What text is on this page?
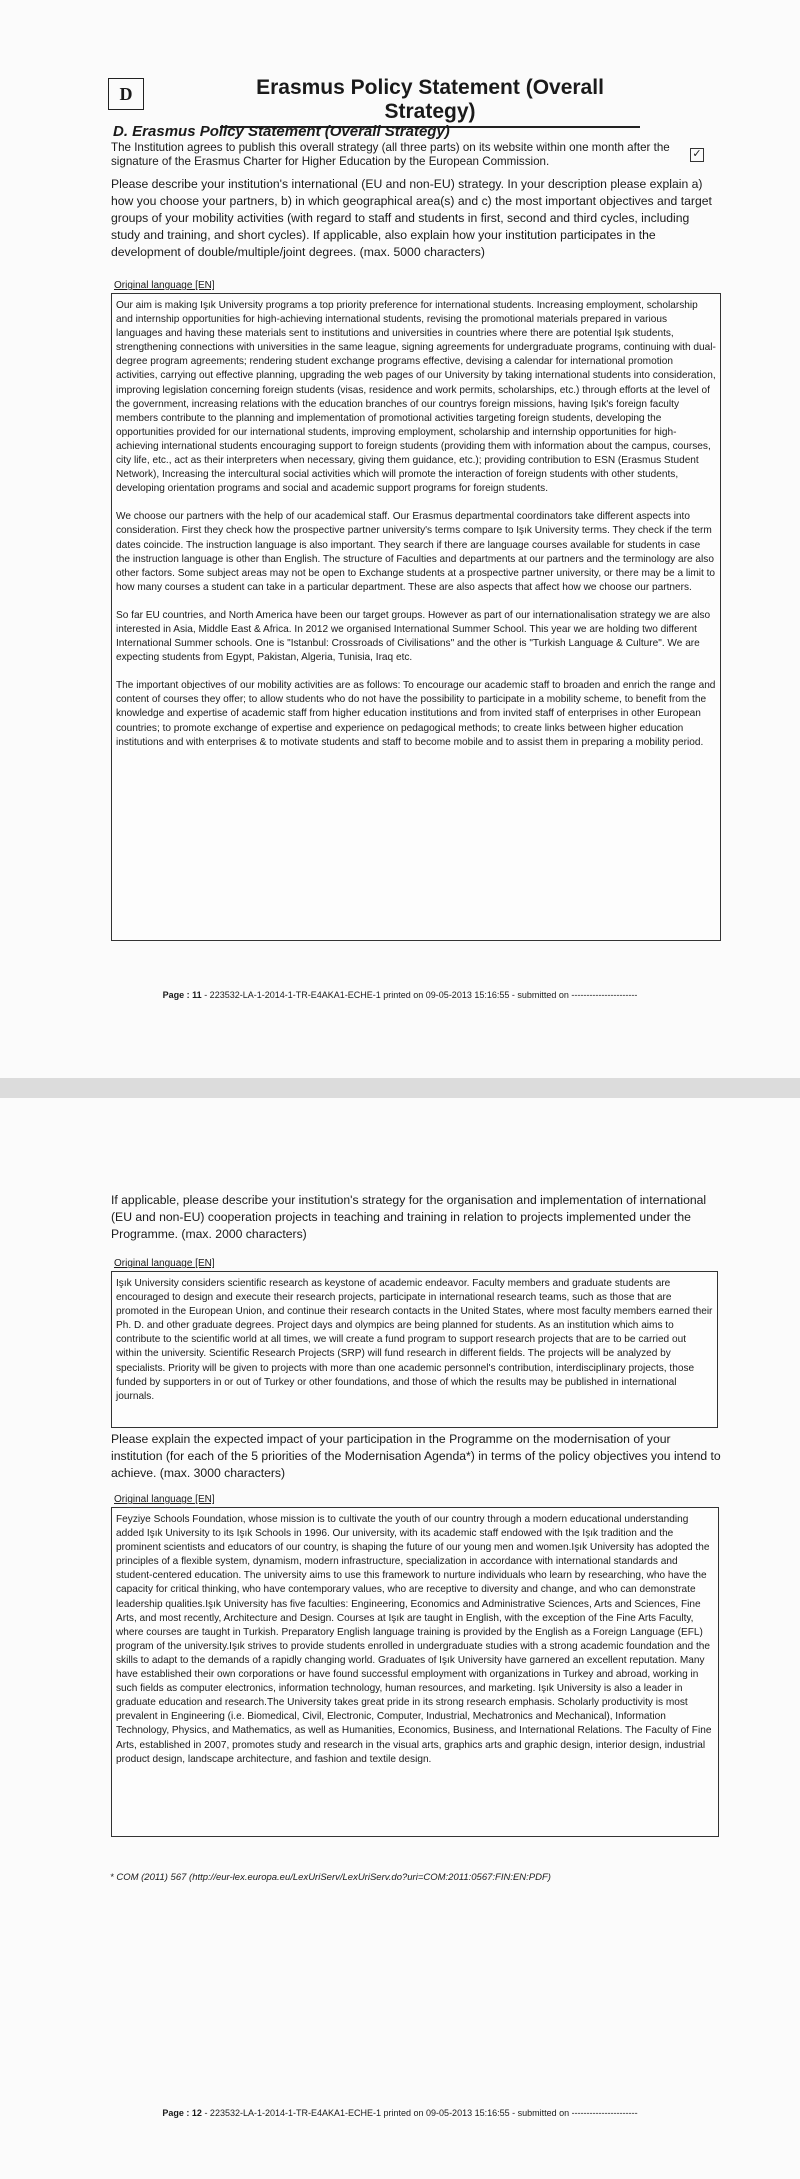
D	Erasmus Policy Statement (Overall Strategy)
D. Erasmus Policy Statement (Overall Strategy)
The Institution agrees to publish this overall strategy (all three parts) on its website within one month after the signature of the Erasmus Charter for Higher Education by the European Commission.
✓
Please describe your institution's international (EU and non-EU) strategy. In your description please explain a) how you choose your partners, b) in which geographical area(s) and c) the most important objectives and target groups of your mobility activities (with regard to staff and students in first, second and third cycles, including study and training, and short cycles). If applicable, also explain how your institution participates in the development of double/multiple/joint degrees. (max. 5000 characters)
Original language [EN]

Our aim is making Işık University programs a top priority preference for international students. Increasing employment, scholarship and internship opportunities for high-achieving international students, revising the promotional materials prepared in various languages and having these materials sent to institutions and universities in countries where there are potential Işık students, strengthening connections with universities in the same league, signing agreements for undergraduate programs, continuing with dual-degree program agreements; rendering student exchange programs effective, devising a calendar for international promotion activities, carrying out effective planning, upgrading the web pages of our University by taking international students into consideration, improving legislation concerning foreign students (visas, residence and work permits, scholarships, etc.) through efforts at the level of the government, increasing relations with the education branches of our countrys foreign missions, having Işık's foreign faculty members contribute to the planning and implementation of promotional activities targeting foreign students, developing the opportunities provided for our international students, improving employment, scholarship and internship opportunities for high-achieving international students encouraging support to foreign students (providing them with information about the campus, courses, city life, etc., act as their interpreters when necessary, giving them guidance, etc.); providing contribution to ESN (Erasmus Student Network), Increasing the intercultural social activities which will promote the interaction of foreign students with other students, developing orientation programs and social and academic support programs for foreign students.

We choose our partners with the help of our academical staff. Our Erasmus departmental coordinators take different aspects into consideration. First they check how the prospective partner university's terms compare to Işık University terms. They check if the term dates coincide. The instruction language is also important. They search if there are language courses available for students in case the instruction language is other than English. The structure of Faculties and departments at our partners and the terminology are also other factors. Some subject areas may not be open to Exchange students at a prospective partner university, or there may be a limit to how many courses a student can take in a particular department. These are also aspects that affect how we choose our partners.

So far EU countries, and North America have been our target groups. However as part of our internationalisation strategy we are also interested in Asia, Middle East & Africa. In 2012 we organised International Summer School. This year we are holding two different International Summer schools. One is "Istanbul: Crossroads of Civilisations" and the other is "Turkish Language & Culture". We are expecting students from Egypt, Pakistan, Algeria, Tunisia, Iraq etc.

The important objectives of our mobility activities are as follows: To encourage our academic staff to broaden and enrich the range and content of courses they offer; to allow students who do not have the possibility to participate in a mobility scheme, to benefit from the knowledge and expertise of academic staff from higher education institutions and from invited staff of enterprises in other European countries; to promote exchange of expertise and experience on pedagogical methods; to create links between higher education institutions and with enterprises & to motivate students and staff to become mobile and to assist them in preparing a mobility period.

Page : 11 - 223532-LA-1-2014-1-TR-E4AKA1-ECHE-1 printed on 09-05-2013 15:16:55 - submitted on ----------------------
If applicable, please describe your institution's strategy for the organisation and implementation of international (EU and non-EU) cooperation projects in teaching and training in relation to projects implemented under the Programme. (max. 2000 characters)
Original language [EN]

Işık University considers scientific research as keystone of academic endeavor. Faculty members and graduate students are encouraged to design and execute their research projects, participate in international research teams, such as those that are promoted in the European Union, and continue their research contacts in the United States, where most faculty members earned their Ph. D. and other graduate degrees. Project days and olympics are being planned for students. As an institution which aims to contribute to the scientific world at all times, we will create a fund program to support research projects that are to be carried out within the university. Scientific Research Projects (SRP) will fund research in different fields. The projects will be analyzed by specialists. Priority will be given to projects with more than one academic personnel's contribution, interdisciplinary projects, those funded by supporters in or out of Turkey or other foundations, and those of which the results may be published in international journals.

Please explain the expected impact of your participation in the Programme on the modernisation of your institution (for each of the 5 priorities of the Modernisation Agenda*) in terms of the policy objectives you intend to achieve. (max. 3000 characters)
Original language [EN]

Feyziye Schools Foundation, whose mission is to cultivate the youth of our country through a modern educational understanding added Işık University to its Işık Schools in 1996. Our university, with its academic staff endowed with the Işık tradition and the prominent scientists and educators of our country, is shaping the future of our young men and women.Işık University has adopted the principles of a flexible system, dynamism, modern infrastructure, specialization in accordance with international standards and student-centered education. The university aims to use this framework to nurture individuals who learn by researching, who have the capacity for critical thinking, who have contemporary values, who are receptive to diversity and change, and who can demonstrate leadership qualities.Işık University has five faculties: Engineering, Economics and Administrative Sciences, Arts and Sciences, Fine Arts, and most recently, Architecture and Design. Courses at Işık are taught in English, with the exception of the Fine Arts Faculty, where courses are taught in Turkish. Preparatory English language training is provided by the English as a Foreign Language (EFL) program of the university.Işık strives to provide students enrolled in undergraduate studies with a strong academic foundation and the skills to adapt to the demands of a rapidly changing world. Graduates of Işık University have garnered an excellent reputation. Many have established their own corporations or have found successful employment with organizations in Turkey and abroad, working in such fields as computer electronics, information technology, human resources, and marketing. Işık University is also a leader in graduate education and research.The University takes great pride in its strong research emphasis. Scholarly productivity is most prevalent in Engineering (i.e. Biomedical, Civil, Electronic, Computer, Industrial, Mechatronics and Mechanical), Information Technology, Physics, and Mathematics, as well as Humanities, Economics, Business, and International Relations. The Faculty of Fine Arts, established in 2007, promotes study and research in the visual arts, graphics arts and graphic design, interior design, industrial product design, landscape architecture, and fashion and textile design.

* COM (2011) 567 (http://eur-lex.europa.eu/LexUriServ/LexUriServ.do?uri=COM:2011:0567:FIN:EN:PDF)
Page : 12 - 223532-LA-1-2014-1-TR-E4AKA1-ECHE-1 printed on 09-05-2013 15:16:55 - submitted on ----------------------
